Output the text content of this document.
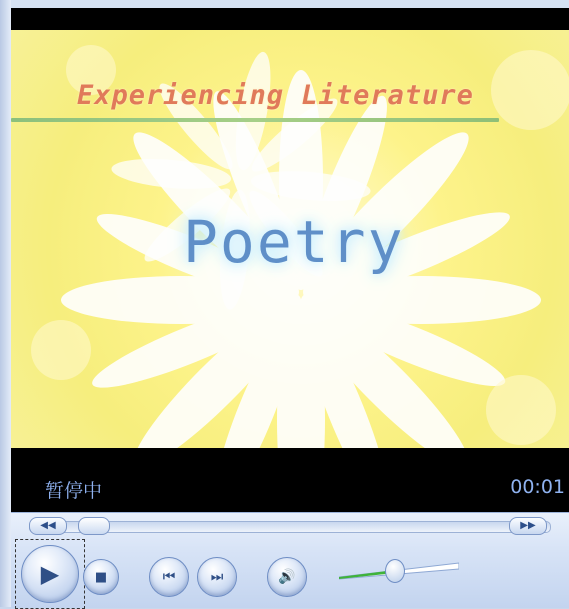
Experiencing Literature
Poetry
暂停中	00:01
◀◀	▶▶
▶	■	⏮	⏭	🔊
